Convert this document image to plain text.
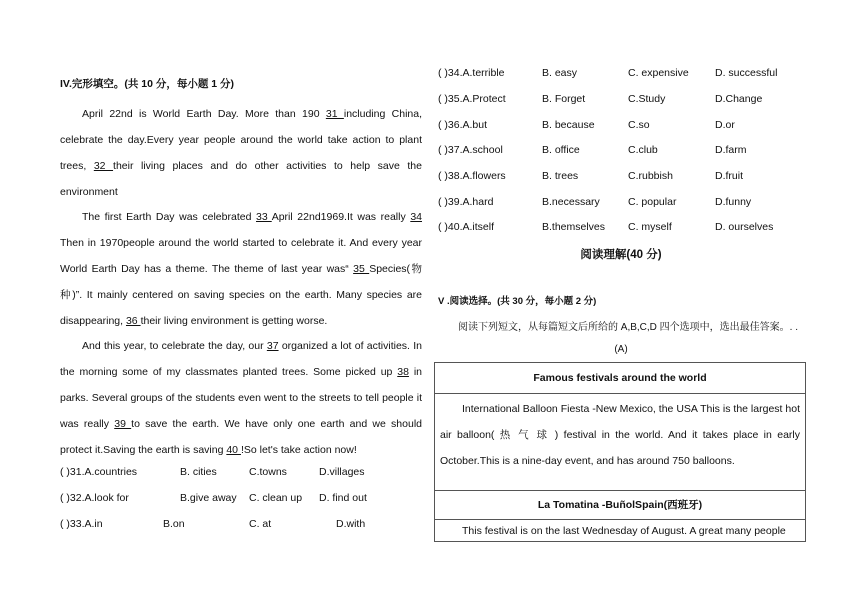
IV.完形填空。(共 10 分，每小题 1 分)
April 22nd is World Earth Day. More than 190 31 including China, celebrate the day.Every year people around the world take action to plant trees, 32 their living places and do other activities to help save the environment
The first Earth Day was celebrated 33 April 22nd1969.It was really 34 Then in 1970people around the world started to celebrate it. And every year World Earth Day has a theme. The theme of last year was“ 35 Species(物种)”. It mainly centered on saving species on the earth. Many species are disappearing, 36 their living environment is getting worse.
And this year, to celebrate the day, our 37 organized a lot of activities. In the morning some of my classmates planted trees. Some picked up 38 in parks. Several groups of the students even went to the streets to tell people it was really 39 to save the earth. We have only one earth and we should protect it.Saving the earth is saving 40 !So let's take action now!
( )31.A.countries	B. cities	C.towns	D.villages
( )32.A.look for	B.give away C. clean up D. find out
( )33.A.in	B.on	C. at	D.with
( )34.A.terrible	B. easy	C. expensive	D. successful
( )35.A.Protect	B. Forget	C.Study	D.Change
( )36.A.but	B. because	C.so	D.or
( )37.A.school	B. office	C.club	D.farm
( )38.A.flowers	B. trees	C.rubbish	D.fruit
( )39.A.hard	B.necessary	C. popular	D.funny
( )40.A.itself	B.themselves C. myself	D. ourselves
阅读理解(40 分)
V .阅读选择。(共 30 分，每小题 2 分)
阅读下列短文，从每篇短文后所给的 A,B,C,D 四个选项中，选出最佳答案。. .
(A)
Famous festivals around the world
International Balloon Fiesta -New Mexico, the USA This is the largest hot air balloon( 热 气 球 ) festival in the world. And it takes place in early October.This is a nine-day event, and has around 750 balloons.
La Tomatina -BuñolSpain(西班牙)
This festival is on the last Wednesday of August. A great many people
